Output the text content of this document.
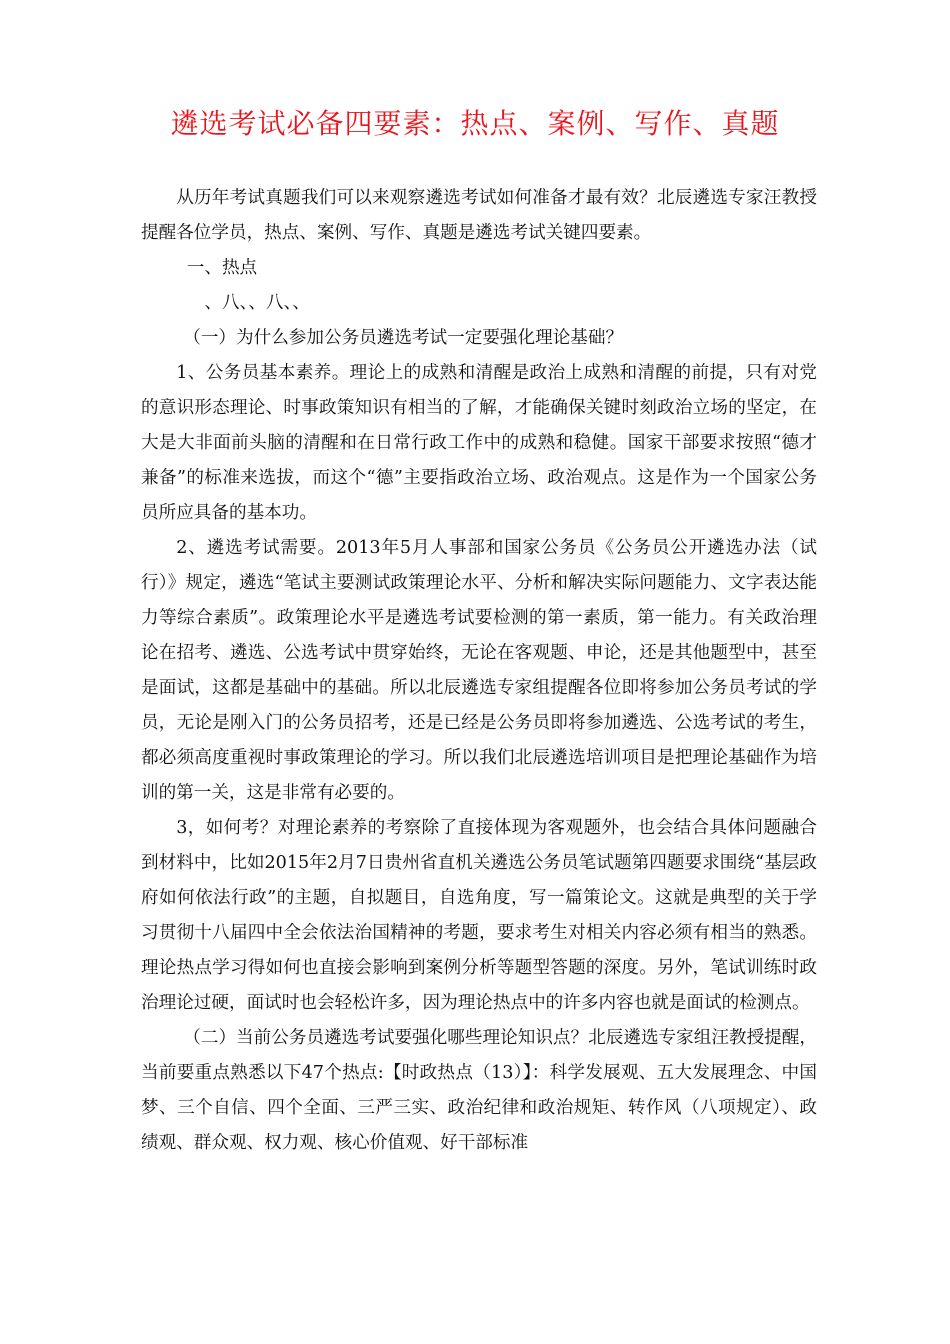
遴选考试必备四要素：热点、案例、写作、真题

从历年考试真题我们可以来观察遴选考试如何准备才最有效？北辰遴选专家汪教授提醒各位学员，热点、案例、写作、真题是遴选考试关键四要素。

一、热点

、八、、八、、

（一）为什么参加公务员遴选考试一定要强化理论基础？

1、公务员基本素养。理论上的成熟和清醒是政治上成熟和清醒的前提，只有对党的意识形态理论、时事政策知识有相当的了解，才能确保关键时刻政治立场的坚定，在大是大非面前头脑的清醒和在日常行政工作中的成熟和稳健。国家干部要求按照“德才兼备”的标准来选拔，而这个“德”主要指政治立场、政治观点。这是作为一个国家公务员所应具备的基本功。

2、遴选考试需要。2013年5月人事部和国家公务员《公务员公开遴选办法（试行）》规定，遴选“笔试主要测试政策理论水平、分析和解决实际问题能力、文字表达能力等综合素质”。政策理论水平是遴选考试要检测的第一素质，第一能力。有关政治理论在招考、遴选、公选考试中贯穿始终，无论在客观题、申论，还是其他题型中，甚至是面试，这都是基础中的基础。所以北辰遴选专家组提醒各位即将参加公务员考试的学员，无论是刚入门的公务员招考，还是已经是公务员即将参加遴选、公选考试的考生，都必须高度重视时事政策理论的学习。所以我们北辰遴选培训项目是把理论基础作为培训的第一关，这是非常有必要的。

3，如何考？对理论素养的考察除了直接体现为客观题外，也会结合具体问题融合到材料中，比如2015年2月7日贵州省直机关遴选公务员笔试题第四题要求围绕“基层政府如何依法行政”的主题，自拟题目，自选角度，写一篇策论文。这就是典型的关于学习贯彻十八届四中全会依法治国精神的考题，要求考生对相关内容必须有相当的熟悉。理论热点学习得如何也直接会影响到案例分析等题型答题的深度。另外，笔试训练时政治理论过硬，面试时也会轻松许多，因为理论热点中的许多内容也就是面试的检测点。

（二）当前公务员遴选考试要强化哪些理论知识点？北辰遴选专家组汪教授提醒，当前要重点熟悉以下47个热点:【时政热点（13）】：科学发展观、五大发展理念、中国梦、三个自信、四个全面、三严三实、政治纪律和政治规矩、转作风（八项规定）、政绩观、群众观、权力观、核心价值观、好干部标准
